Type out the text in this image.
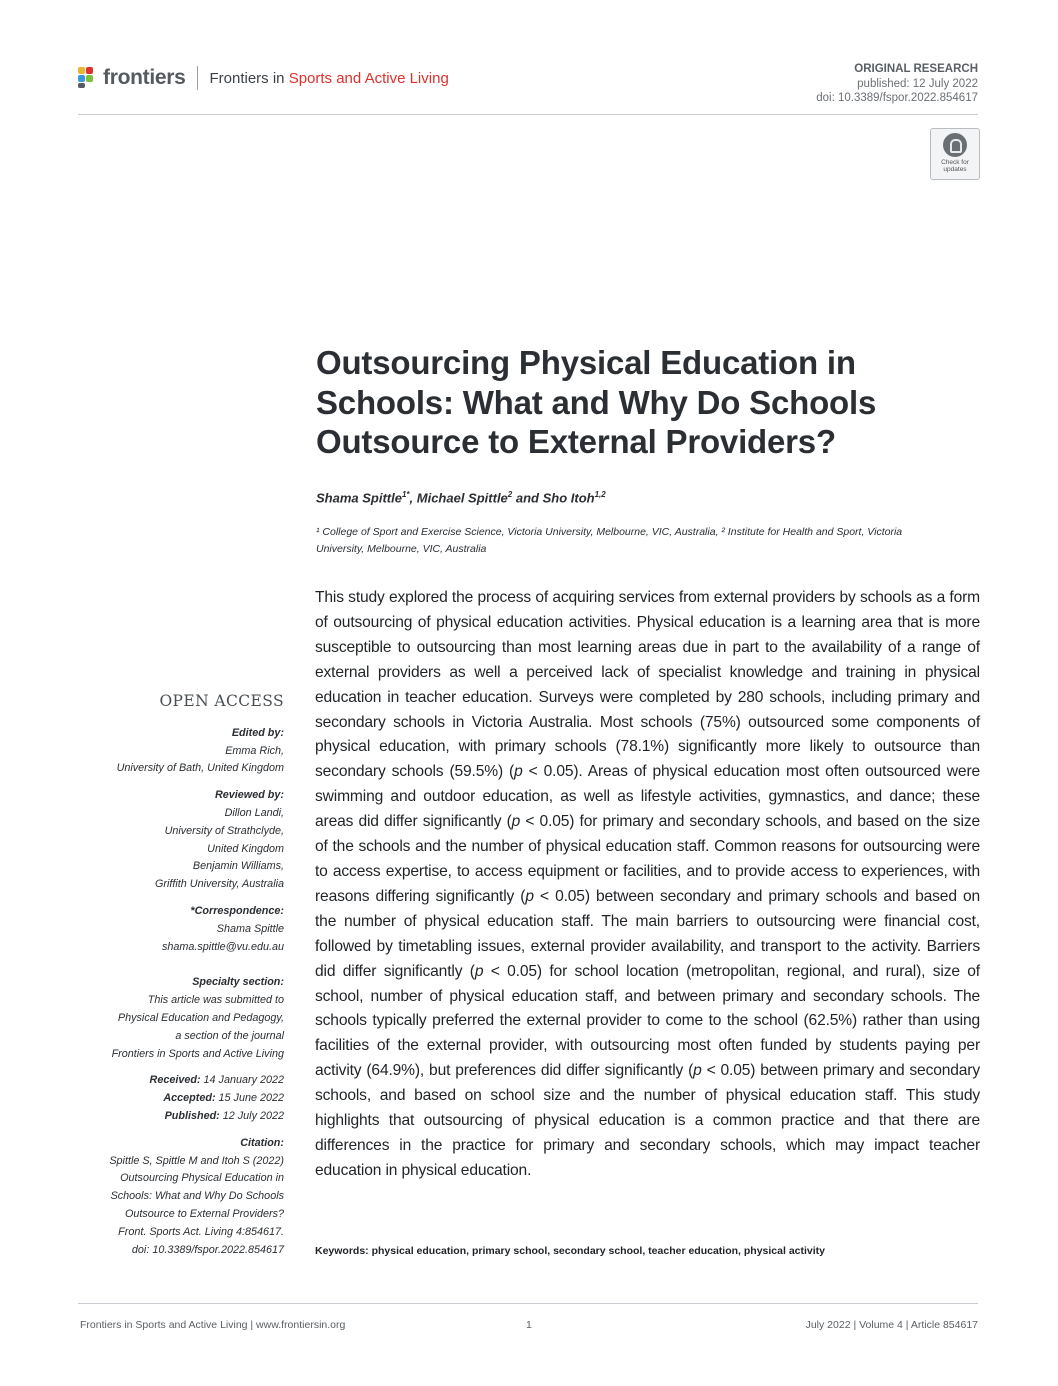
frontiers Frontiers in Sports and Active Living
ORIGINAL RESEARCH
published: 12 July 2022
doi: 10.3389/fspor.2022.854617
Check for updates
Outsourcing Physical Education in
Schools: What and Why Do Schools
Outsource to External Providers?
Shama Spittle$^{1*}$, Michael Spittle$^2$ and Sho Itoh$^{1,2}$
¹ College of Sport and Exercise Science, Victoria University, Melbourne, VIC, Australia, ² Institute for Health and Sport, Victoria
University, Melbourne, VIC, Australia
This study explored the process of acquiring services from external providers by schools as a form of outsourcing of physical education activities. Physical education is a learning area that is more susceptible to outsourcing than most learning areas due in part to the availability of a range of external providers as well a perceived lack of specialist knowledge and training in physical education in teacher education. Surveys were completed by 280 schools, including primary and secondary schools in Victoria Australia. Most schools (75%) outsourced some components of physical education, with primary schools (78.1%) significantly more likely to outsource than secondary schools (59.5%) (p < 0.05). Areas of physical education most often outsourced were swimming and outdoor education, as well as lifestyle activities, gymnastics, and dance; these areas did differ significantly (p < 0.05) for primary and secondary schools, and based on the size of the schools and the number of physical education staff. Common reasons for outsourcing were to access expertise, to access equipment or facilities, and to provide access to experiences, with reasons differing significantly (p < 0.05) between secondary and primary schools and based on the number of physical education staff. The main barriers to outsourcing were financial cost, followed by timetabling issues, external provider availability, and transport to the activity. Barriers did differ significantly (p < 0.05) for school location (metropolitan, regional, and rural), size of school, number of physical education staff, and between primary and secondary schools. The schools typically preferred the external provider to come to the school (62.5%) rather than using facilities of the external provider, with outsourcing most often funded by students paying per activity (64.9%), but preferences did differ significantly (p < 0.05) between primary and secondary schools, and based on school size and the number of physical education staff. This study highlights that outsourcing of physical education is a common practice and that there are differences in the practice for primary and secondary schools, which may impact teacher education in physical education.
Keywords: physical education, primary school, secondary school, teacher education, physical activity
OPEN ACCESS
Edited by:
Emma Rich,
University of Bath, United Kingdom
Reviewed by:
Dillon Landi,
University of Strathclyde,
United Kingdom
Benjamin Williams,
Griffith University, Australia
*Correspondence:
Shama Spittle
shama.spittle@vu.edu.au
Specialty section:
This article was submitted to
Physical Education and Pedagogy,
a section of the journal
Frontiers in Sports and Active Living
Received: 14 January 2022
Accepted: 15 June 2022
Published: 12 July 2022
Citation:
Spittle S, Spittle M and Itoh S (2022)
Outsourcing Physical Education in
Schools: What and Why Do Schools
Outsource to External Providers?
Front. Sports Act. Living 4:854617.
doi: 10.3389/fspor.2022.854617
Frontiers in Sports and Active Living | www.frontiersin.org	1	July 2022 | Volume 4 | Article 854617
